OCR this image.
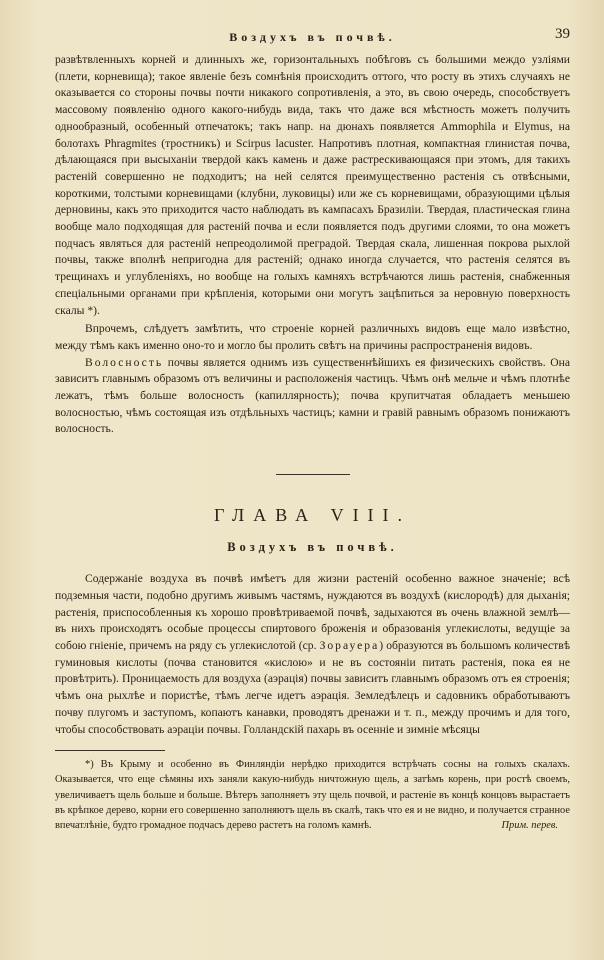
Воздухъ въ почвѣ.	39

развѣтвленныхъ корней и длинныхъ же, горизонтальныхъ побѣговъ съ большими междо узліями (плети, корневища); такое явленіе безъ сомнѣнія происходитъ оттого, что росту въ этихъ случаяхъ не оказывается со стороны почвы почти никакого сопротивленія, а это, въ свою очередь, способствуетъ массовому появленію одного какого-нибудь вида, такъ что даже вся мѣстность можетъ получить однообразный, особенный отпечатокъ; такъ напр. на дюнахъ появляется Ammophila и Elymus, на болотахъ Phragmites (тростникъ) и Scirpus lacuster. Напротивъ плотная, компактная глинистая почва, дѣлающаяся при высыханіи твердой какъ камень и даже растрескивающаяся при этомъ, для такихъ растеній совершенно не подходитъ; на ней селятся преимущественно растенія съ отвѣсными, короткими, толстыми корневищами (клубни, луковицы) или же съ корневищами, образующими цѣлыя дерновины, какъ это приходится часто наблюдать въ кампасахъ Бразиліи. Твердая, пластическая глина вообще мало подходящая для растеній почва и если появляется подъ другими слоями, то она можетъ подчасъ являться для растеній непреодолимой преградой. Твердая скала, лишенная покрова рыхлой почвы, также вполнѣ непригодна для растеній; однако иногда случается, что растенія селятся въ трещинахъ и углубленіяхъ, но вообще на голыхъ камняхъ встрѣчаются лишь растенія, снабженныя спеціальными органами при крѣпленія, которыми они могутъ зацѣпиться за неровную поверхность скалы *).

Впрочемъ, слѣдуетъ замѣтить, что строеніе корней различныхъ видовъ еще мало извѣстно, между тѣмъ какъ именно оно-то и могло бы пролить свѣтъ на причины распространенія видовъ.

Волосность почвы является однимъ изъ существеннѣйшихъ ея физическихъ свойствъ. Она зависитъ главнымъ образомъ отъ величины и расположенія частицъ. Чѣмъ онѣ мельче и чѣмъ плотнѣе лежатъ, тѣмъ больше волосность (капиллярность); почва крупитчатая обладаетъ меньшею волосностью, чѣмъ состоящая изъ отдѣльныхъ частицъ; камни и гравій равнымъ образомъ понижаютъ волосность.

ГЛАВА VIII.
Воздухъ въ почвѣ.

Содержаніе воздуха въ почвѣ имѣетъ для жизни растеній особенно важное значеніе; всѣ подземныя части, подобно другимъ живымъ частямъ, нуждаются въ воздухѣ (кислородѣ) для дыханія; растенія, приспособленныя къ хорошо провѣтриваемой почвѣ, задыхаются въ очень влажной землѣ—въ нихъ происходятъ особые процессы спиртового броженія и образованія углекислоты, ведущіе за собою гніеніе, причемъ на ряду съ углекислотой (ср. Зорауера) образуются въ большомъ количествѣ гуминовыя кислоты (почва становится «кислою» и не въ состояніи питать растенія, пока ея не провѣтрить). Проницаемость для воздуха (аэрація) почвы зависитъ главнымъ образомъ отъ ея строенія; чѣмъ она рыхлѣе и пористѣе, тѣмъ легче идетъ аэрація. Земледѣлецъ и садовникъ обработываютъ почву плугомъ и заступомъ, копаютъ канавки, проводятъ дренажи и т. п., между прочимъ и для того, чтобы способствовать аэраціи почвы. Голландскій пахарь въ осенніе и зимніе мѣсяцы

*) Въ Крыму и особенно въ Финляндіи нерѣдко приходится встрѣчать сосны на голыхъ скалахъ. Оказывается, что еще сѣмяны ихъ заняли какую-нибудь ничтожную щель, а затѣмъ корень, при ростѣ своемъ, увеличиваетъ щель больше и больше. Вѣтеръ заполняетъ эту щель почвой, и растеніе въ концѣ концовъ вырастаетъ въ крѣпкое дерево, корни его совершенно заполняютъ щель въ скалѣ, такъ что ея и не видно, и получается странное впечатлѣніе, будто громадное подчасъ дерево растетъ на голомъ камнѣ.	Прим. перев.
